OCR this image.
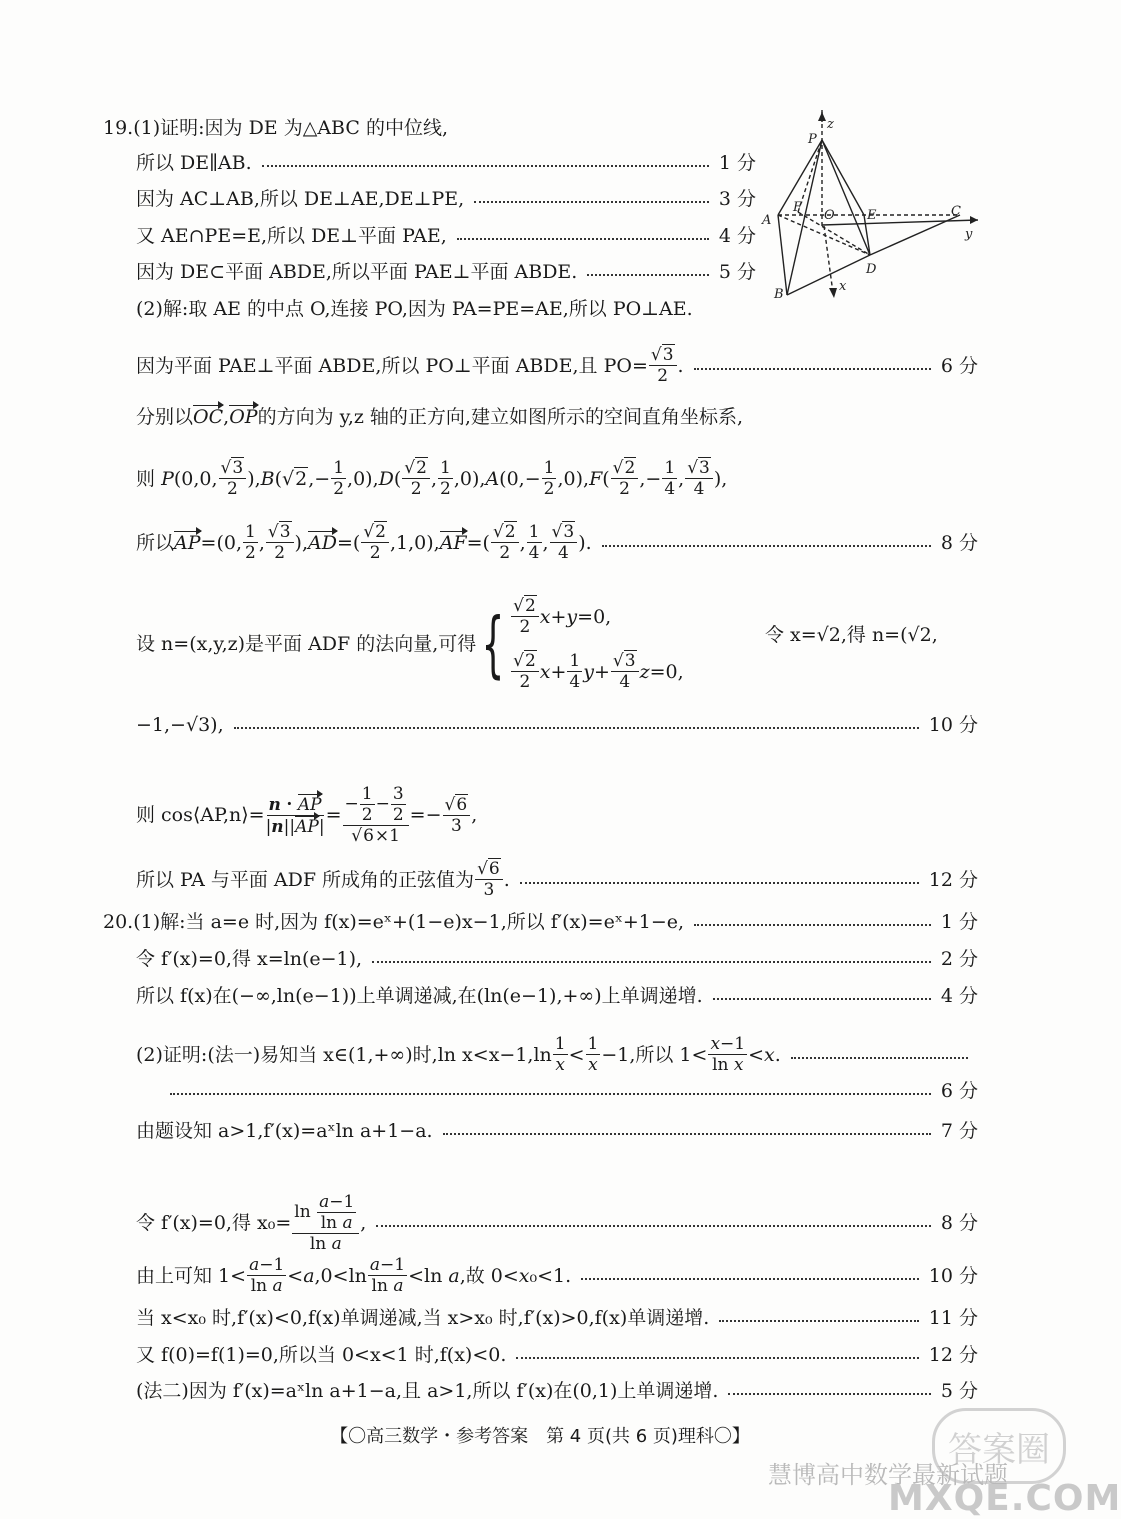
19.(1)证明:因为 DE 为△ABC 的中位线,
所以 DE∥AB.	1 分
因为 AC⊥AB,所以 DE⊥AE,DE⊥PE,	3 分
又 AE∩PE=E,所以 DE⊥平面 PAE,	4 分
因为 DE⊂平面 ABDE,所以平面 PAE⊥平面 ABDE.	5 分
(2)解:取 AE 的中点 O,连接 PO,因为 PA=PE=AE,所以 PO⊥AE.
P
z
A
F
O E	C
y
D
x
B
因为平面 PAE⊥平面 ABDE,所以 PO⊥平面 ABDE,且 PO=
√ $\frac{3}{2}$ .	6 分
分别以 OC , OP 的方向为 y,z 轴的正方向,建立如图所示的空间直角坐标系,
则 P(0,0,
√ $\frac{3}{2} ),B(√$ $2,- \frac{1}{2} ,0),D$(
√ $\frac{2}{2}$ , $\frac{1}{2} ,0),A(0,- \frac{1}{2} ,0),F$(
√ $\frac{2}{2}$ ,− $\frac{1}{4}$ ,
√ $\frac{3}{4}$ ),
所以 AP =(0, $\frac{1}{2}$ ,
√ $\frac{3}{2}$ ), AD =(
√ $\frac{2}{2} ,1,0$), AF =(
√ $\frac{2}{2}$ , $\frac{1}{4}$ ,
√ $\frac{3}{4}$ ).	8 分
设 n=(x,y,z)是平面 ADF 的法向量,可得 {
√ $\frac{2}{2} x+y=0$,
√ $\frac{2}{2} x+ \frac{1}{4} y+$
√ $\frac{3}{4} z=0$,
令 x=√2,得 n=(√2,
−1,−√3),	10 分
则 cos⟨AP,n⟩= $\frac{n・AP}{|n||AP|}$ = − $\frac{1}{2} - \frac{3}{2}$
√ 6×1 =−
√ $\frac{6}{3}$ ,
所以 PA 与平面 ADF 所成角的正弦值为
√ $\frac{6}{3}$ .	12 分
20.(1)解:当 a=e 时,因为 f(x)=eˣ+(1−e)x−1,所以 f′(x)=eˣ+1−e,	1 分
令 f′(x)=0,得 x=ln(e−1),	2 分
所以 f(x)在(−∞,ln(e−1))上单调递减,在(ln(e−1),+∞)上单调递增.	4 分
(2)证明:(法一)易知当 x∈(1,+∞)时,ln $x<x-1,\ln \frac{1}{x} < \frac{1}{x} -1$,所以 $1< \frac{x-1}{\text{ln x}} <x$.
6 分
由题设知 a>1,f′(x)=aˣln a+1−a.	7 分
令 f′(x)=0,得 $x_0= \frac{\ln \frac{a-1}{\text{ln a}}}{\text{ln a}}$ ,	8 分
由上可知 $1< \frac{a-1}{\text{ln a}} <a,0<\ln \frac{a-1}{\text{ln a}} <\ln$ a,故 0<x₀<1.	10 分
当 x<x₀ 时,f′(x)<0,f(x)单调递减,当 x>x₀ 时,f′(x)>0,f(x)单调递增.	11 分
又 f(0)=f(1)=0,所以当 0<x<1 时,f(x)<0.	12 分
(法二)因为 f′(x)=aˣln a+1−a,且 a>1,所以 f′(x)在(0,1)上单调递增.	5 分
【〇高三数学・参考答案　第 4 页(共 6 页)理科〇】	答案圈
慧博高中数学最新试题
MXQE.COM
